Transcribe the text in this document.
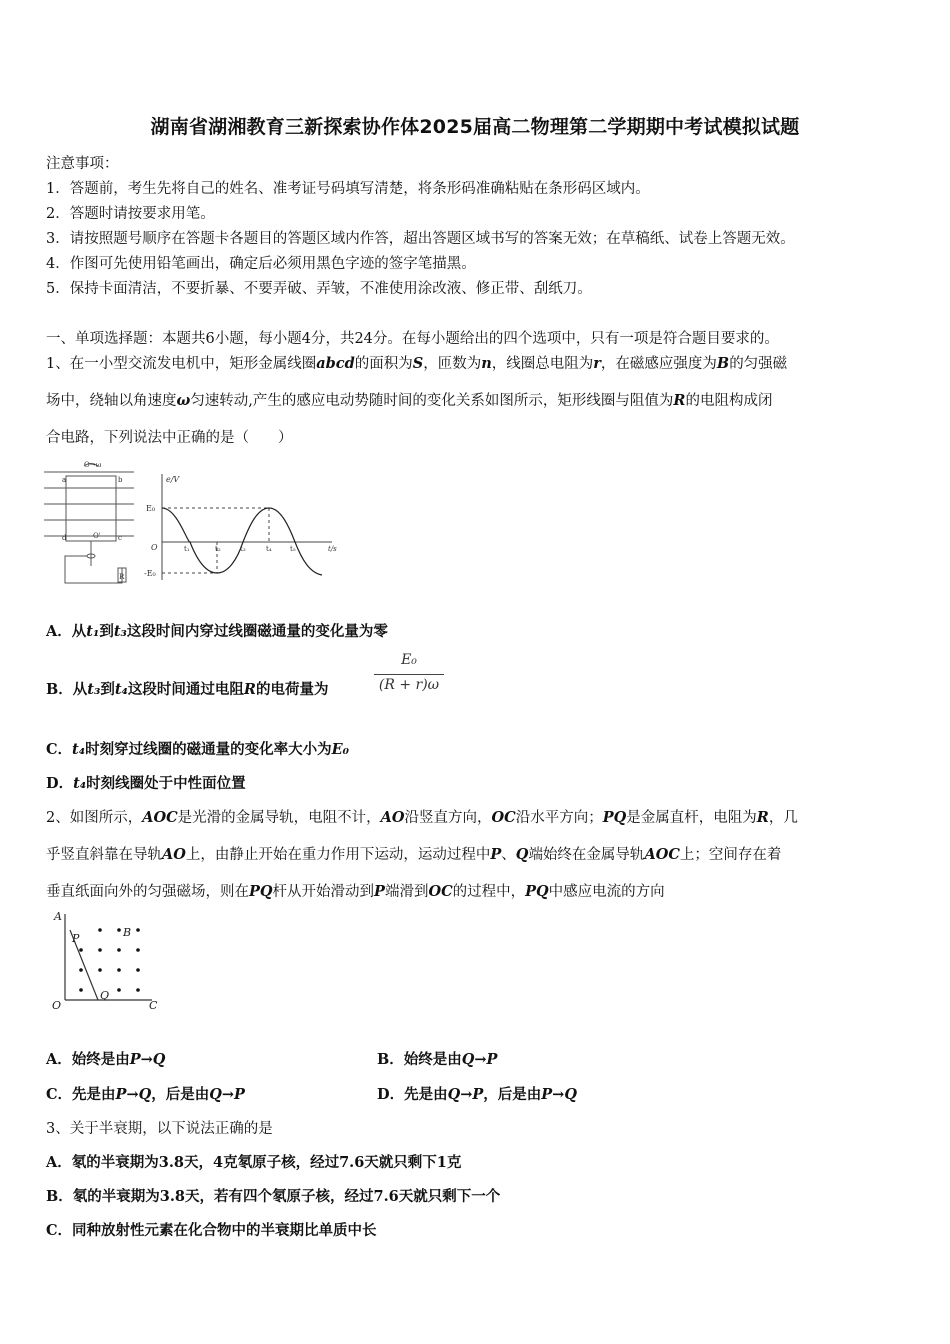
湖南省湖湘教育三新探索协作体2025届高二物理第二学期期中考试模拟试题
注意事项：
1．答题前，考生先将自己的姓名、准考证号码填写清楚，将条形码准确粘贴在条形码区域内。
2．答题时请按要求用笔。
3．请按照题号顺序在答题卡各题目的答题区域内作答，超出答题区域书写的答案无效；在草稿纸、试卷上答题无效。
4．作图可先使用铅笔画出，确定后必须用黑色字迹的签字笔描黑。
5．保持卡面清洁，不要折暴、不要弄破、弄皱，不准使用涂改液、修正带、刮纸刀。
一、单项选择题：本题共6小题，每小题4分，共24分。在每小题给出的四个选项中，只有一项是符合题目要求的。
1、在一小型交流发电机中，矩形金属线圈abcd的面积为S，匝数为n，线圈总电阻为r，在磁感应强度为B的匀强磁
场中，绕轴以角速度ω匀速转动,产生的感应电动势随时间的变化关系如图所示，矩形线圈与阻值为R的电阻构成闭
合电路，下列说法中正确的是（　　）
a	b
d	c
O'
O→ω
R
e/V
E₀
-E₀
O	t₁	t₂	t₃	t₄	t₅	t/s
A．从t₁到t₃这段时间内穿过线圈磁通量的变化量为零
B．从t₃到t₄这段时间通过电阻R的电荷量为
E₀
(R + r)ω
C．t₄时刻穿过线圈的磁通量的变化率大小为E₀
D．t₄时刻线圈处于中性面位置
2、如图所示，AOC是光滑的金属导轨，电阻不计，AO沿竖直方向，OC沿水平方向；PQ是金属直杆，电阻为R，几
乎竖直斜靠在导轨AO上，由静止开始在重力作用下运动，运动过程中P、Q端始终在金属导轨AOC上；空间存在着
垂直纸面向外的匀强磁场，则在PQ杆从开始滑动到P端滑到OC的过程中，PQ中感应电流的方向
A
P	B
O
Q
C
A．始终是由P→Q	B．始终是由Q→P
C．先是由P→Q，后是由Q→P	D．先是由Q→P，后是由P→Q
3、关于半衰期，以下说法正确的是
A．氡的半衰期为3.8天，4克氡原子核，经过7.6天就只剩下1克
B．氡的半衰期为3.8天，若有四个氡原子核，经过7.6天就只剩下一个
C．同种放射性元素在化合物中的半衰期比单质中长
